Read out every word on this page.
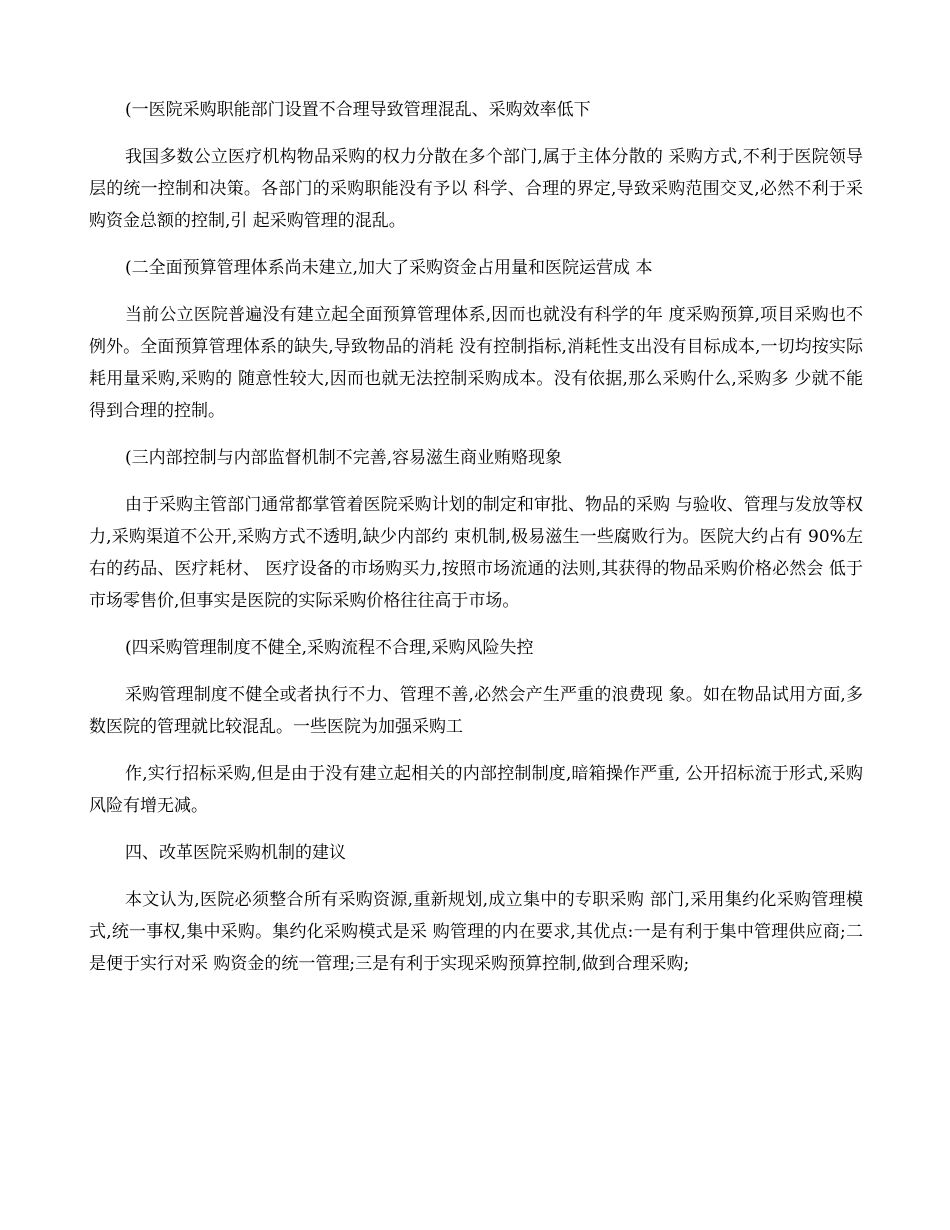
(一医院采购职能部门设置不合理导致管理混乱、采购效率低下

我国多数公立医疗机构物品采购的权力分散在多个部门,属于主体分散的 采购方式,不利于医院领导层的统一控制和决策。各部门的采购职能没有予以 科学、合理的界定,导致采购范围交叉,必然不利于采购资金总额的控制,引 起采购管理的混乱。

(二全面预算管理体系尚未建立,加大了采购资金占用量和医院运营成 本

当前公立医院普遍没有建立起全面预算管理体系,因而也就没有科学的年 度采购预算,项目采购也不例外。全面预算管理体系的缺失,导致物品的消耗 没有控制指标,消耗性支出没有目标成本,一切均按实际耗用量采购,采购的 随意性较大,因而也就无法控制采购成本。没有依据,那么采购什么,采购多 少就不能得到合理的控制。

(三内部控制与内部监督机制不完善,容易滋生商业贿赂现象

由于采购主管部门通常都掌管着医院采购计划的制定和审批、物品的采购 与验收、管理与发放等权力,采购渠道不公开,采购方式不透明,缺少内部约 束机制,极易滋生一些腐败行为。医院大约占有 90%左右的药品、医疗耗材、 医疗设备的市场购买力,按照市场流通的法则,其获得的物品采购价格必然会 低于市场零售价,但事实是医院的实际采购价格往往高于市场。

(四采购管理制度不健全,采购流程不合理,采购风险失控

采购管理制度不健全或者执行不力、管理不善,必然会产生严重的浪费现 象。如在物品试用方面,多数医院的管理就比较混乱。一些医院为加强采购工

作,实行招标采购,但是由于没有建立起相关的内部控制制度,暗箱操作严重, 公开招标流于形式,采购风险有增无减。

四、改革医院采购机制的建议

本文认为,医院必须整合所有采购资源,重新规划,成立集中的专职采购 部门,采用集约化采购管理模式,统一事权,集中采购。集约化采购模式是采 购管理的内在要求,其优点:一是有利于集中管理供应商;二是便于实行对采 购资金的统一管理;三是有利于实现采购预算控制,做到合理采购;
